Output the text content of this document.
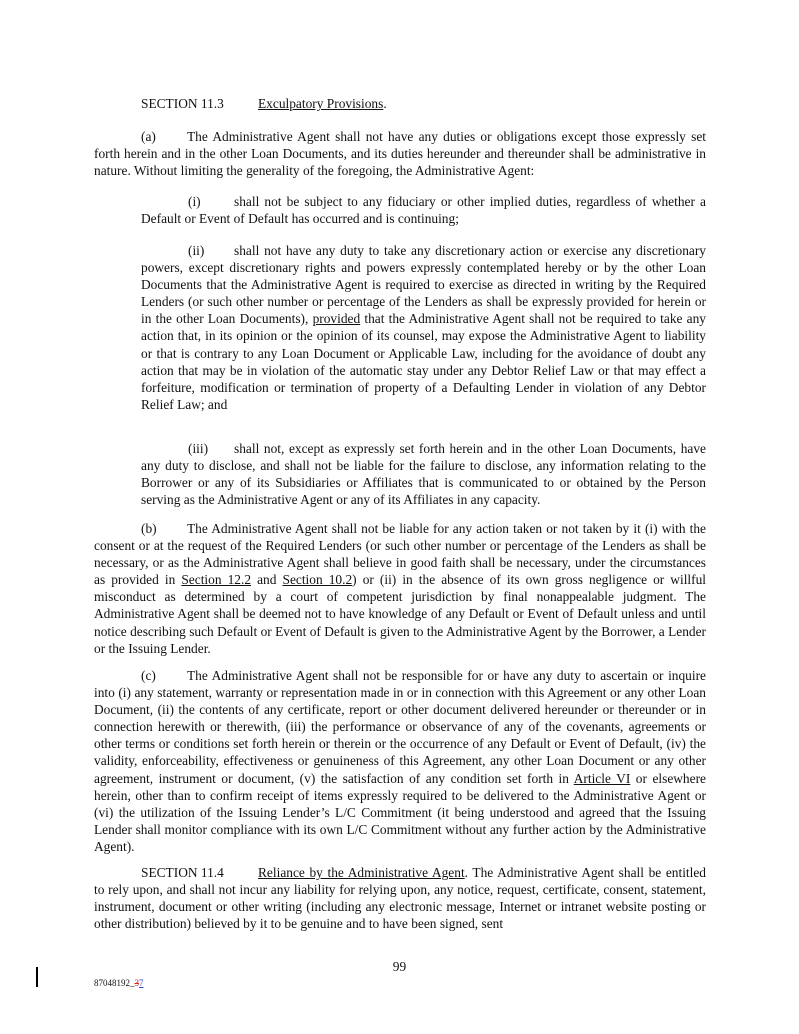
SECTION 11.3	Exculpatory Provisions.

(a) The Administrative Agent shall not have any duties or obligations except those expressly set forth herein and in the other Loan Documents, and its duties hereunder and thereunder shall be administrative in nature. Without limiting the generality of the foregoing, the Administrative Agent:

(i) shall not be subject to any fiduciary or other implied duties, regardless of whether a Default or Event of Default has occurred and is continuing;

(ii) shall not have any duty to take any discretionary action or exercise any discretionary powers, except discretionary rights and powers expressly contemplated hereby or by the other Loan Documents that the Administrative Agent is required to exercise as directed in writing by the Required Lenders (or such other number or percentage of the Lenders as shall be expressly provided for herein or in the other Loan Documents), provided that the Administrative Agent shall not be required to take any action that, in its opinion or the opinion of its counsel, may expose the Administrative Agent to liability or that is contrary to any Loan Document or Applicable Law, including for the avoidance of doubt any action that may be in violation of the automatic stay under any Debtor Relief Law or that may effect a forfeiture, modification or termination of property of a Defaulting Lender in violation of any Debtor Relief Law; and

(iii) shall not, except as expressly set forth herein and in the other Loan Documents, have any duty to disclose, and shall not be liable for the failure to disclose, any information relating to the Borrower or any of its Subsidiaries or Affiliates that is communicated to or obtained by the Person serving as the Administrative Agent or any of its Affiliates in any capacity.

(b) The Administrative Agent shall not be liable for any action taken or not taken by it (i) with the consent or at the request of the Required Lenders (or such other number or percentage of the Lenders as shall be necessary, or as the Administrative Agent shall believe in good faith shall be necessary, under the circumstances as provided in Section 12.2 and Section 10.2) or (ii) in the absence of its own gross negligence or willful misconduct as determined by a court of competent jurisdiction by final nonappealable judgment. The Administrative Agent shall be deemed not to have knowledge of any Default or Event of Default unless and until notice describing such Default or Event of Default is given to the Administrative Agent by the Borrower, a Lender or the Issuing Lender.

(c) The Administrative Agent shall not be responsible for or have any duty to ascertain or inquire into (i) any statement, warranty or representation made in or in connection with this Agreement or any other Loan Document, (ii) the contents of any certificate, report or other document delivered hereunder or thereunder or in connection herewith or therewith, (iii) the performance or observance of any of the covenants, agreements or other terms or conditions set forth herein or therein or the occurrence of any Default or Event of Default, (iv) the validity, enforceability, effectiveness or genuineness of this Agreement, any other Loan Document or any other agreement, instrument or document, (v) the satisfaction of any condition set forth in Article VI or elsewhere herein, other than to confirm receipt of items expressly required to be delivered to the Administrative Agent or (vi) the utilization of the Issuing Lender’s L/C Commitment (it being understood and agreed that the Issuing Lender shall monitor compliance with its own L/C Commitment without any further action by the Administrative Agent).

SECTION 11.4	Reliance by the Administrative Agent. The Administrative Agent shall be entitled to rely upon, and shall not incur any liability for relying upon, any notice, request, certificate, consent, statement, instrument, document or other writing (including any electronic message, Internet or intranet website posting or other distribution) believed by it to be genuine and to have been signed, sent

99
87048192_37
